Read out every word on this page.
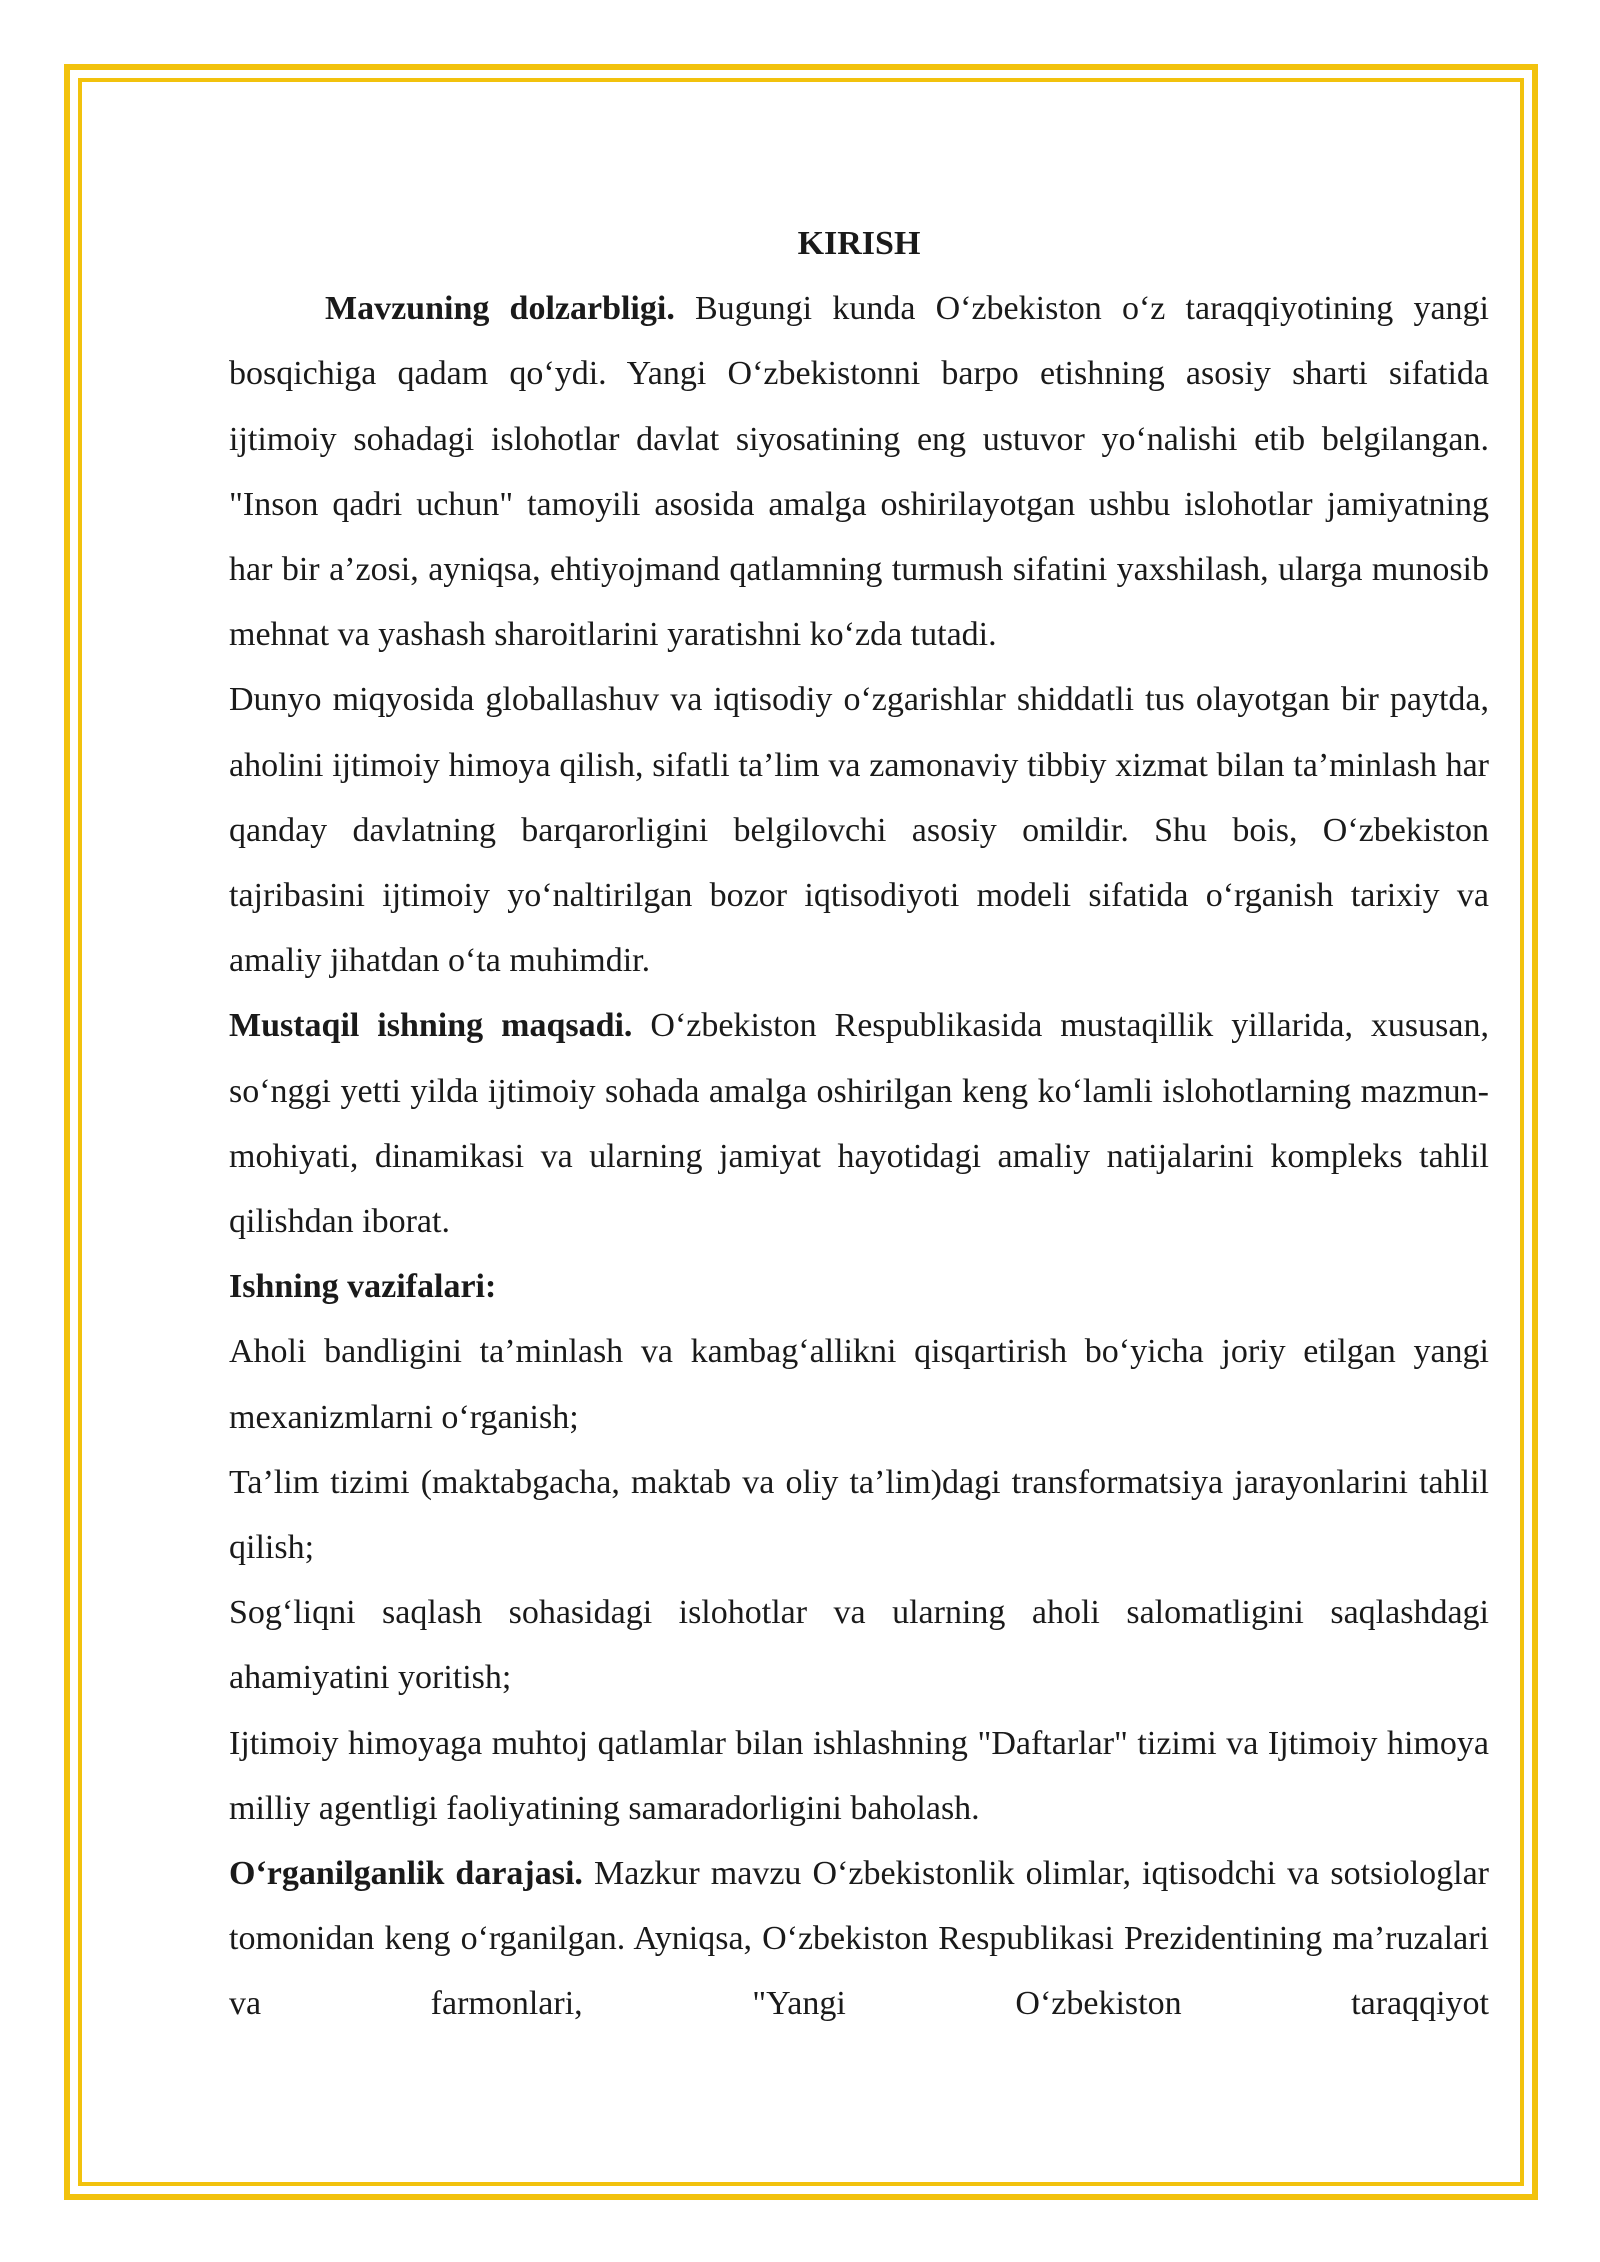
KIRISH

Mavzuning dolzarbligi. Bugungi kunda O‘zbekiston o‘z taraqqiyotining yangi bosqichiga qadam qo‘ydi. Yangi O‘zbekistonni barpo etishning asosiy sharti sifatida ijtimoiy sohadagi islohotlar davlat siyosatining eng ustuvor yo‘nalishi etib belgilangan. "Inson qadri uchun" tamoyili asosida amalga oshirilayotgan ushbu islohotlar jamiyatning har bir a’zosi, ayniqsa, ehtiyojmand qatlamning turmush sifatini yaxshilash, ularga munosib mehnat va yashash sharoitlarini yaratishni ko‘zda tutadi.

Dunyo miqyosida globallashuv va iqtisodiy o‘zgarishlar shiddatli tus olayotgan bir paytda, aholini ijtimoiy himoya qilish, sifatli ta’lim va zamonaviy tibbiy xizmat bilan ta’minlash har qanday davlatning barqarorligini belgilovchi asosiy omildir. Shu bois, O‘zbekiston tajribasini ijtimoiy yo‘naltirilgan bozor iqtisodiyoti modeli sifatida o‘rganish tarixiy va amaliy jihatdan o‘ta muhimdir.

Mustaqil ishning maqsadi. O‘zbekiston Respublikasida mustaqillik yillarida, xususan, so‘nggi yetti yilda ijtimoiy sohada amalga oshirilgan keng ko‘lamli islohotlarning mazmun-mohiyati, dinamikasi va ularning jamiyat hayotidagi amaliy natijalarini kompleks tahlil qilishdan iborat.

Ishning vazifalari:

Aholi bandligini ta’minlash va kambag‘allikni qisqartirish bo‘yicha joriy etilgan yangi mexanizmlarni o‘rganish;

Ta’lim tizimi (maktabgacha, maktab va oliy ta’lim)dagi transformatsiya jarayonlarini tahlil qilish;

Sog‘liqni saqlash sohasidagi islohotlar va ularning aholi salomatligini saqlashdagi ahamiyatini yoritish;

Ijtimoiy himoyaga muhtoj qatlamlar bilan ishlashning "Daftarlar" tizimi va Ijtimoiy himoya milliy agentligi faoliyatining samaradorligini baholash.

O‘rganilganlik darajasi. Mazkur mavzu O‘zbekistonlik olimlar, iqtisodchi va sotsiologlar tomonidan keng o‘rganilgan. Ayniqsa, O‘zbekiston Respublikasi Prezidentining ma’ruzalari va farmonlari, "Yangi O‘zbekiston taraqqiyot
